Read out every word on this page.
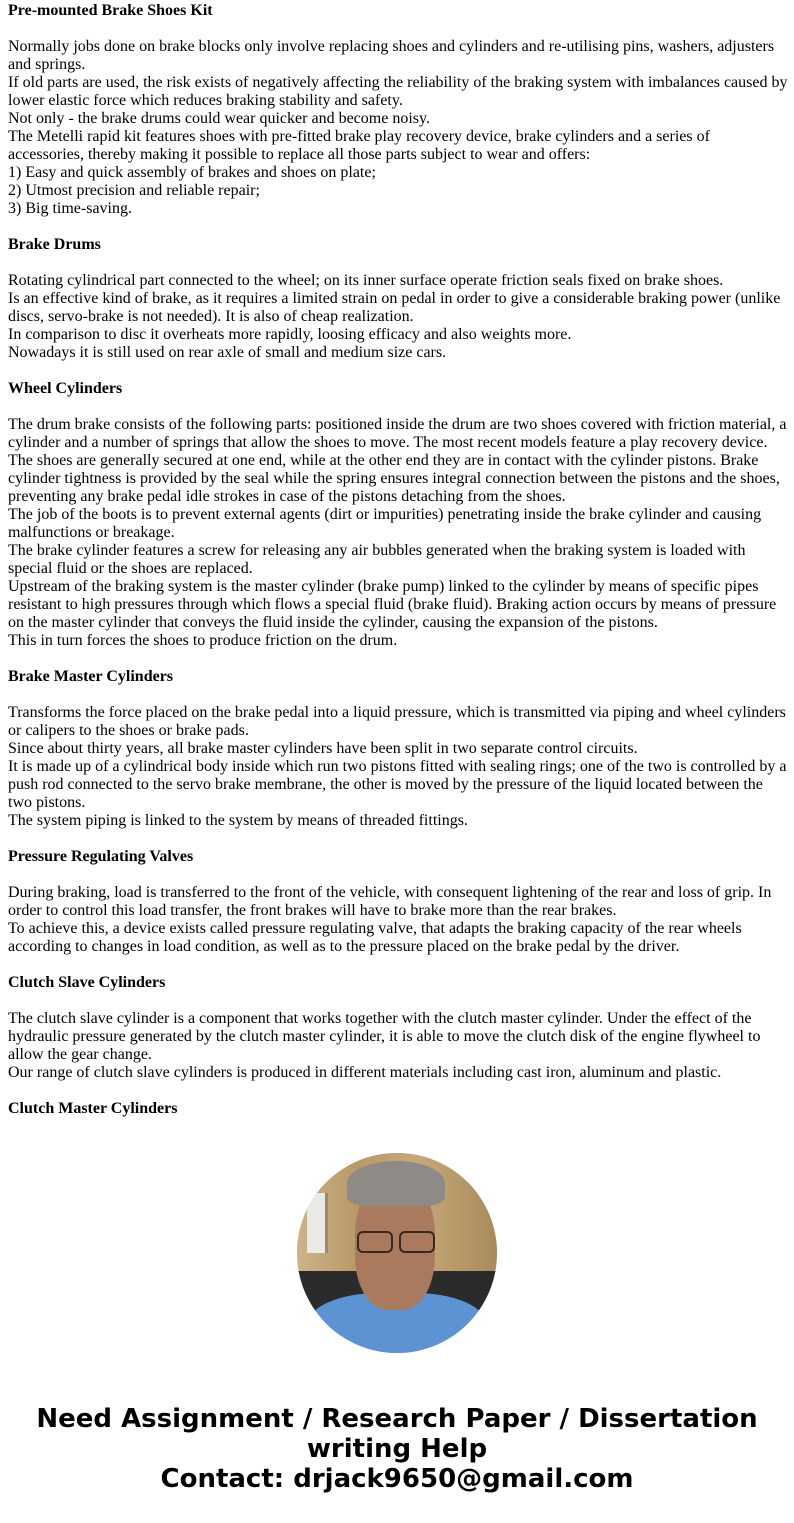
Pre-mounted Brake Shoes Kit
Normally jobs done on brake blocks only involve replacing shoes and cylinders and re-utilising pins, washers, adjusters and springs.
If old parts are used, the risk exists of negatively affecting the reliability of the braking system with imbalances caused by lower elastic force which reduces braking stability and safety.
Not only - the brake drums could wear quicker and become noisy.
The Metelli rapid kit features shoes with pre-fitted brake play recovery device, brake cylinders and a series of accessories, thereby making it possible to replace all those parts subject to wear and offers:
1) Easy and quick assembly of brakes and shoes on plate;
2) Utmost precision and reliable repair;
3) Big time-saving.
Brake Drums
Rotating cylindrical part connected to the wheel; on its inner surface operate friction seals fixed on brake shoes.
Is an effective kind of brake, as it requires a limited strain on pedal in order to give a considerable braking power (unlike discs, servo-brake is not needed). It is also of cheap realization.
In comparison to disc it overheats more rapidly, loosing efficacy and also weights more.
Nowadays it is still used on rear axle of small and medium size cars.
Wheel Cylinders
The drum brake consists of the following parts: positioned inside the drum are two shoes covered with friction material, a cylinder and a number of springs that allow the shoes to move. The most recent models feature a play recovery device. The shoes are generally secured at one end, while at the other end they are in contact with the cylinder pistons. Brake cylinder tightness is provided by the seal while the spring ensures integral connection between the pistons and the shoes, preventing any brake pedal idle strokes in case of the pistons detaching from the shoes.
The job of the boots is to prevent external agents (dirt or impurities) penetrating inside the brake cylinder and causing malfunctions or breakage.
The brake cylinder features a screw for releasing any air bubbles generated when the braking system is loaded with special fluid or the shoes are replaced.
Upstream of the braking system is the master cylinder (brake pump) linked to the cylinder by means of specific pipes resistant to high pressures through which flows a special fluid (brake fluid). Braking action occurs by means of pressure on the master cylinder that conveys the fluid inside the cylinder, causing the expansion of the pistons.
This in turn forces the shoes to produce friction on the drum.
Brake Master Cylinders
Transforms the force placed on the brake pedal into a liquid pressure, which is transmitted via piping and wheel cylinders or calipers to the shoes or brake pads.
Since about thirty years, all brake master cylinders have been split in two separate control circuits.
It is made up of a cylindrical body inside which run two pistons fitted with sealing rings; one of the two is controlled by a push rod connected to the servo brake membrane, the other is moved by the pressure of the liquid located between the two pistons.
The system piping is linked to the system by means of threaded fittings.
Pressure Regulating Valves
During braking, load is transferred to the front of the vehicle, with consequent lightening of the rear and loss of grip. In order to control this load transfer, the front brakes will have to brake more than the rear brakes.
To achieve this, a device exists called pressure regulating valve, that adapts the braking capacity of the rear wheels according to changes in load condition, as well as to the pressure placed on the brake pedal by the driver.
Clutch Slave Cylinders
The clutch slave cylinder is a component that works together with the clutch master cylinder. Under the effect of the hydraulic pressure generated by the clutch master cylinder, it is able to move the clutch disk of the engine flywheel to allow the gear change.
Our range of clutch slave cylinders is produced in different materials including cast iron, aluminum and plastic.
Clutch Master Cylinders
Need Assignment / Research Paper / Dissertation writing Help
Contact: drjack9650@gmail.com
